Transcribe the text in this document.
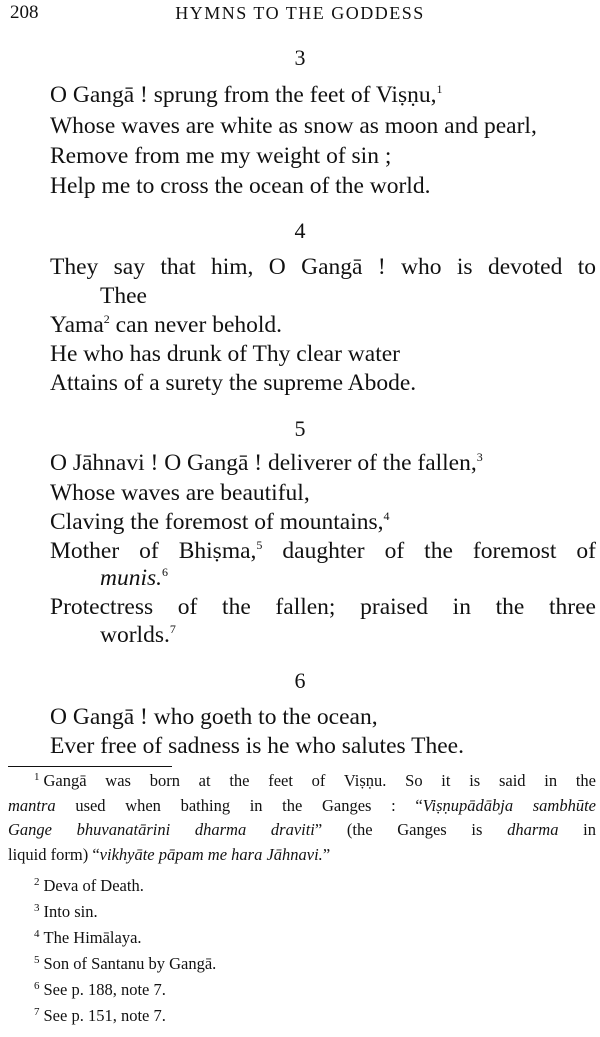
208	HYMNS TO THE GODDESS
3
O Gangā ! sprung from the feet of Viṣṇu,$^1$
Whose waves are white as snow as moon and pearl,
Remove from me my weight of sin ;
Help me to cross the ocean of the world.
4
They say that him, O Gangā ! who is devoted to
Thee
Yama$^2$ can never behold.
He who has drunk of Thy clear water
Attains of a surety the supreme Abode.
5
O Jāhnavi ! O Gangā ! deliverer of the fallen,$^3$
Whose waves are beautiful,
Claving the foremost of mountains,$^4$
Mother of Bhiṣma,$^5$ daughter of the foremost of
munis.$^6$
Protectress of the fallen; praised in the three
worlds.$^7$
6
O Gangā ! who goeth to the ocean,
Ever free of sadness is he who salutes Thee.
$^1$ Gangā was born at the feet of Viṣṇu. So it is said in the
mantra used when bathing in the Ganges : “Viṣṇupādābja sambhūte
Gange bhuvanatārini dharma draviti” (the Ganges is dharma in
liquid form) “vikhyāte pāpam me hara Jāhnavi.”
$^2$ Deva of Death.
$^3$ Into sin.
$^4$ The Himālaya.
$^5$ Son of Santanu by Gangā.
$^6$ See p. 188, note 7.
$^7$ See p. 151, note 7.
